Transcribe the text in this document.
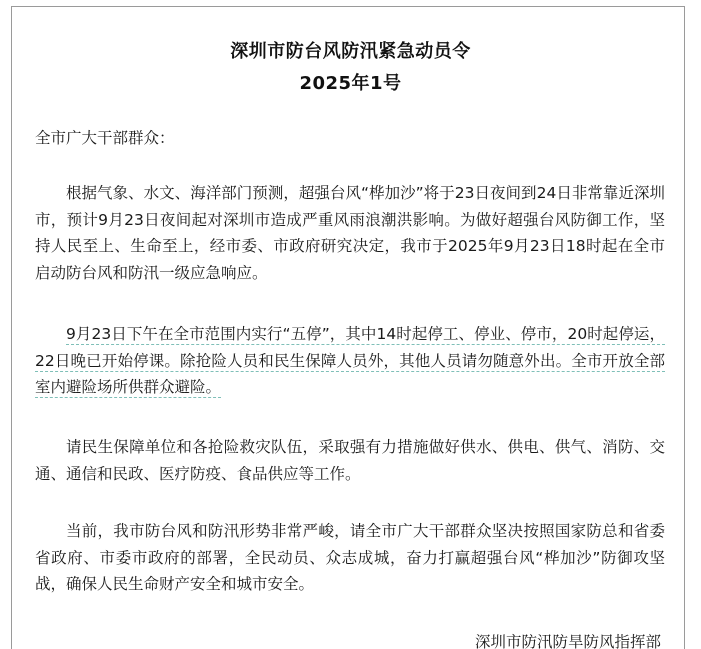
深圳市防台风防汛紧急动员令
2025年1号

全市广大干部群众：

根据气象、水文、海洋部门预测，超强台风“桦加沙”将于23日夜间到24日非常靠近深圳市，预计9月23日夜间起对深圳市造成严重风雨浪潮洪影响。为做好超强台风防御工作，坚持人民至上、生命至上，经市委、市政府研究决定，我市于2025年9月23日18时起在全市启动防台风和防汛一级应急响应。

9月23日下午在全市范围内实行“五停”，其中14时起停工、停业、停市，20时起停运，22日晚已开始停课。除抢险人员和民生保障人员外，其他人员请勿随意外出。全市开放全部室内避险场所供群众避险。

请民生保障单位和各抢险救灾队伍，采取强有力措施做好供水、供电、供气、消防、交通、通信和民政、医疗防疫、食品供应等工作。

当前，我市防台风和防汛形势非常严峻，请全市广大干部群众坚决按照国家防总和省委省政府、市委市政府的部署，全民动员、众志成城，奋力打赢超强台风“桦加沙”防御攻坚战，确保人民生命财产安全和城市安全。

深圳市防汛防旱防风指挥部
